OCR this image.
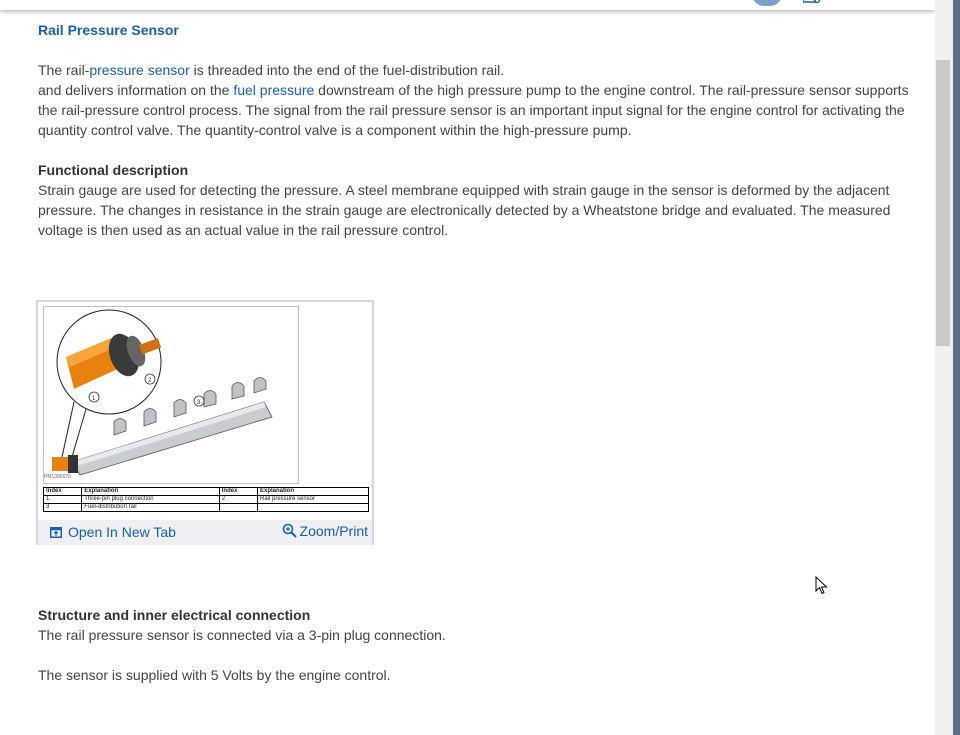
Rail Pressure Sensor

The rail-pressure sensor is threaded into the end of the fuel-distribution rail.

and delivers information on the fuel pressure downstream of the high pressure pump to the engine control. The rail-pressure sensor supports the rail-pressure control process. The signal from the rail pressure sensor is an important input signal for the engine control for activating the quantity control valve. The quantity-control valve is a component within the high-pressure pump.

Functional description

Strain gauge are used for detecting the pressure. A steel membrane equipped with strain gauge in the sensor is deformed by the adjacent pressure. The changes in resistance in the strain gauge are electronically detected by a Wheatstone bridge and evaluated. The measured voltage is then used as an actual value in the rail pressure control.

2
1
3
PM1336070
Index	Explanation	Index	Explanation
1	Three-pin plug connection	2	Rail pressure sensor
3	Fuel-distribution rail		
Open In New Tab	Zoom/Print

Structure and inner electrical connection

The rail pressure sensor is connected via a 3-pin plug connection.

The sensor is supplied with 5 Volts by the engine control.
